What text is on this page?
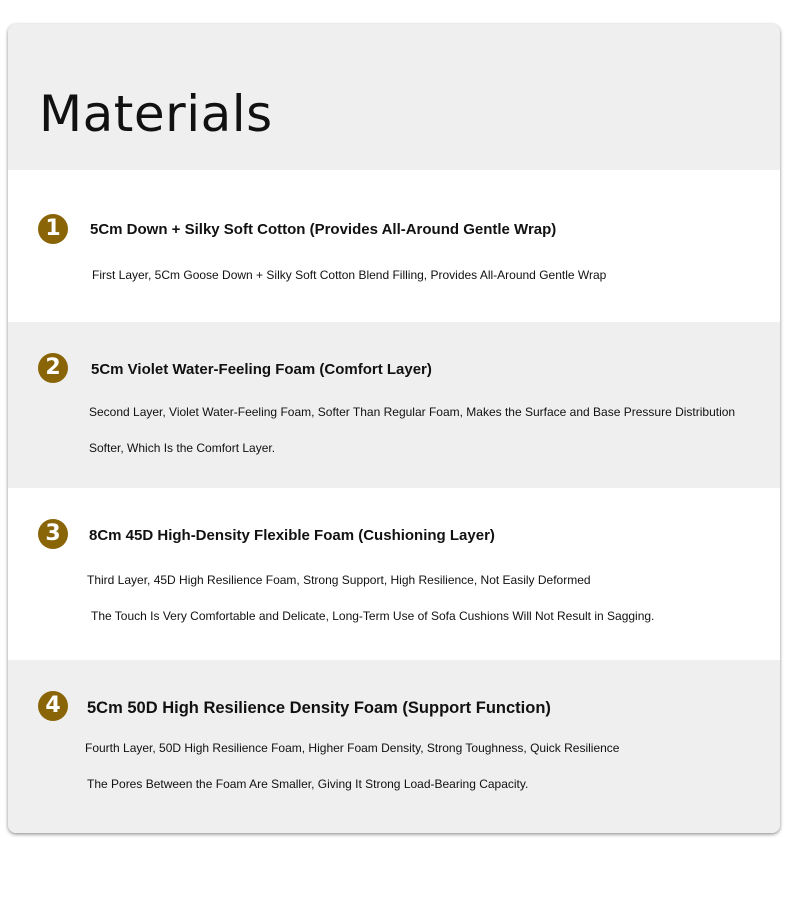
Materials
1	5Cm Down + Silky Soft Cotton (Provides All-Around Gentle Wrap)

First Layer, 5Cm Goose Down + Silky Soft Cotton Blend Filling, Provides All-Around Gentle Wrap

2	5Cm Violet Water-Feeling Foam (Comfort Layer)

Second Layer, Violet Water-Feeling Foam, Softer Than Regular Foam, Makes the Surface and Base Pressure Distribution

Softer, Which Is the Comfort Layer.

3	8Cm 45D High-Density Flexible Foam (Cushioning Layer)

Third Layer, 45D High Resilience Foam, Strong Support, High Resilience, Not Easily Deformed

The Touch Is Very Comfortable and Delicate, Long-Term Use of Sofa Cushions Will Not Result in Sagging.

4	5Cm 50D High Resilience Density Foam (Support Function)

Fourth Layer, 50D High Resilience Foam, Higher Foam Density, Strong Toughness, Quick Resilience

The Pores Between the Foam Are Smaller, Giving It Strong Load-Bearing Capacity.
